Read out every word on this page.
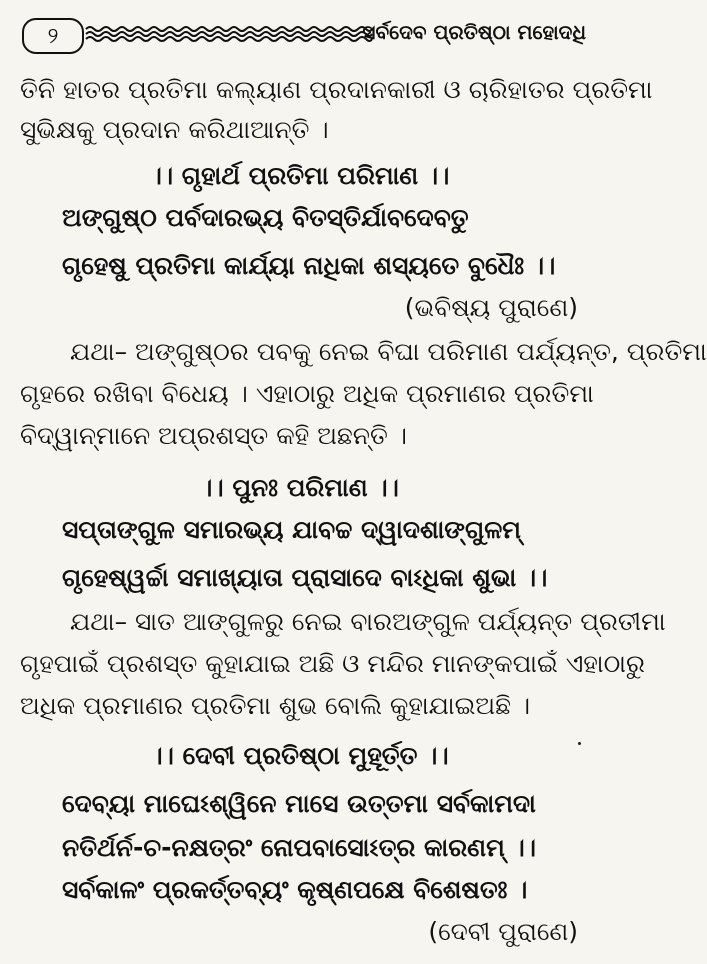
୨	ସର୍ବଦେବ ପ୍ରତିଷ୍ଠା ମହୋଦଧି
ତିନି ହାତର ପ୍ରତିମା କଲ୍ୟାଣ ପ୍ରଦାନକାରୀ ଓ ଚାରିହାତର ପ୍ରତିମା
ସୁଭିକ୍ଷକୁ ପ୍ରଦାନ କରିଥାଆନ୍ତି ।
।। ଗୃହାର୍ଥ ପ୍ରତିମା ପରିମାଣ ।।
ଅଙ୍ଗୁଷ୍ଠ ପର୍ବଦାରଭ୍ୟ ବିତସ୍ତିର୍ଯାବଦେବତୁ
ଗୃହେଷୁ ପ୍ରତିମା କାର୍ଯ୍ୟା ନାଧିକା ଶସ୍ୟତେ ବୁଧୈଃ ।।
(ଭବିଷ୍ୟ ପୁରାଣେ)
ଯଥା– ଅଙ୍ଗୁଷ୍ଠର ପବକୁ ନେଇ ବିଘା ପରିମାଣ ପର୍ଯ୍ୟନ୍ତ, ପ୍ରତିମା
ଗୃହରେ ରଖିବା ବିଧେୟ । ଏହାଠାରୁ ଅଧିକ ପ୍ରମାଣର ପ୍ରତିମା
ବିଦ୍ୱାନ୍‌ମାନେ ଅପ୍ରଶସ୍ତ କହି ଅଛନ୍ତି ।
।। ପୁନଃ ପରିମାଣ ।।
ସପ୍ତାଙ୍ଗୁଳ ସମାରଭ୍ୟ ଯାବଚ୍ଚ ଦ୍ୱାଦଶାଙ୍ଗୁଳମ୍
ଗୃହେଷ୍ୱର୍ଚ୍ଚା ସମାଖ୍ୟାତା ପ୍ରାସାଦେ ବାଽଧିକା ଶୁଭା ।।
ଯଥା– ସାତ ଆଙ୍ଗୁଳରୁ ନେଇ ବାରଅଙ୍ଗୁଳ ପର୍ଯ୍ୟନ୍ତ ପ୍ରତୀମା
ଗୃହପାଇଁ ପ୍ରଶସ୍ତ କୁହାଯାଇ ଅଛି ଓ ମନ୍ଦିର ମାନଙ୍କପାଇଁ ଏହାଠାରୁ
ଅଧିକ ପ୍ରମାଣର ପ୍ରତିମା ଶୁଭ ବୋଲି କୁହାଯାଇଅଛି ।
।। ଦେବୀ ପ୍ରତିଷ୍ଠା ମୁହୂର୍ତ୍ତ ।।
ଦେବ୍ୟା ମାଘେଽଶ୍ୱିନେ ମାସେ ଉତ୍ତମା ସର୍ବକାମଦା
ନତିର୍ଥର୍ନ-ଚ-ନକ୍ଷତ୍ରଂ ନୋପବାସୋଽତ୍ର କାରଣମ୍ ।।
ସର୍ବକାଳଂ ପ୍ରକର୍ତ୍ତବ୍ୟଂ କୃଷ୍ଣପକ୍ଷେ ବିଶେଷତଃ ।
(ଦେବୀ ପୁରାଣେ)
